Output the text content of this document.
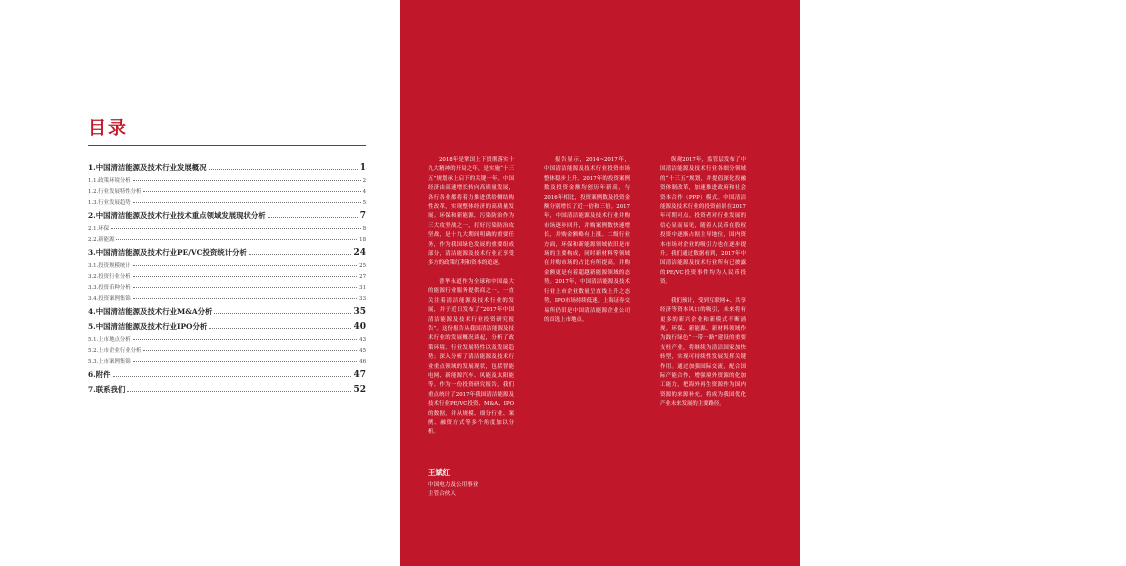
目录
1.中国清洁能源及技术行业发展概况	1
1.1.政策环境分析	2
1.2.行业发展特性分析	4
1.3.行业发展趋势	5
2.中国清洁能源及技术行业技术重点领域发展现状分析	7
2.1.环保	8
2.2.新能源	18
3.中国清洁能源及技术行业PE/VC投资统计分析	24
3.1.投资规模统计	25
3.2.投资行业分析	27
3.3.投资币种分析	31
3.4.投资案例集锦	33
4.中国清洁能源及技术行业M&A分析	35
5.中国清洁能源及技术行业IPO分析	40
5.1.上市地点分析	43
5.2.上市企业行业分析	45
5.3.上市案例集锦	46
6.附件	47
7.联系我们	52
序言

2018年是掌国上下贯彻落实十九大精神的开局之年，是实施“十三五”规划承上启下的关键一年。中国经济由高速增长转向高质量发展，各行各业都将着力推进供给侧结构性改革，实现整体经济的高质量发展。环保和新能源，污染防治作为三大攻坚战之一，打好污染防治攻坚战，是十九大期间明确的重要任务，作为我国绿色发展的重要组成部分，清洁能源及技术行业正享受多方的政策红利和资本的追逐。

普华永道作为全球和中国最大的能源行业服务提供商之一，一直关注着清洁能源及技术行业的发展，并于近日发布了“2017年中国清洁能源及技术行业投资研究报告”。这份报告从我国清洁能源及技术行业的发展概况谈起，分析了政策环境、行业发展特性以及发展趋势；深入分析了清洁能源及技术行业重点领域的发展现状，包括智能电网、新能源汽车、风能及太阳能等。作为一份投资研究报告，我们重点统计了2017年我国清洁能源及技术行业PE/VC投资、M&A、IPO的数据，并从规模、细分行业、案例、融资方式等多个角度加以分析。

报告显示，2014~2017年，中国清洁能源及技术行业投资市场整体稳步上升。2017年的投资案例数及投资金额均创历年新高，与2016年相比，投资案例数及投资金额分别增长了近一倍和三倍。2017年，中国清洁能源及技术行业并购市场逐步回升，并购案例数快速增长，并购金额略有上涨。二级行业方面，环保和新能源领域依旧是市场的主要构成，同时新材料等领域在并购市场的占比有所提高，并购金额更是有着超越新能源领域的态势。2017年，中国清洁能源及技术行业上市企业数量呈直线上升之态势，IPO市场持续低迷。上海证券交易所仍旧是中国清洁能源企业公司的首选上市地点。

纵观2017年，监管层发布了中国清洁能源及技术行业各细分领域的“十三五”规划，并提倡深化投融资体制改革，加速推进政府和社会资本合作（PPP）模式。中国清洁能源及技术行业的投资前景在2017年可期可点。投资者对行业发展的信心显而易见，随着人民币在股权投资中逐渐占据主导地位，国内资本市场对企业的吸引力也在逐步提升。我们通过数据看到，2017年中国清洁能源及技术行业所有已披露的PE/VC投资事件均为人民币投资。

我们预计，受到互联网+、共享经济等资本风口的吸引，未来将有更多的新兴企业和新模式不断涌现。环保、新能源、新材料领域作为践行绿色“一带一路”建设的重要支柱产业，将继续为清洁国家加快转型，实现可持续性发展发挥关键作用。通过加强国际交流，配合国际产能合作，增强境外资源的化加工能力，把海外再生资源作为国内资源的来源补充，将成为我国优化产业未来发展的主要路径。

王斌红
中国电力及公用事业
主管合伙人
